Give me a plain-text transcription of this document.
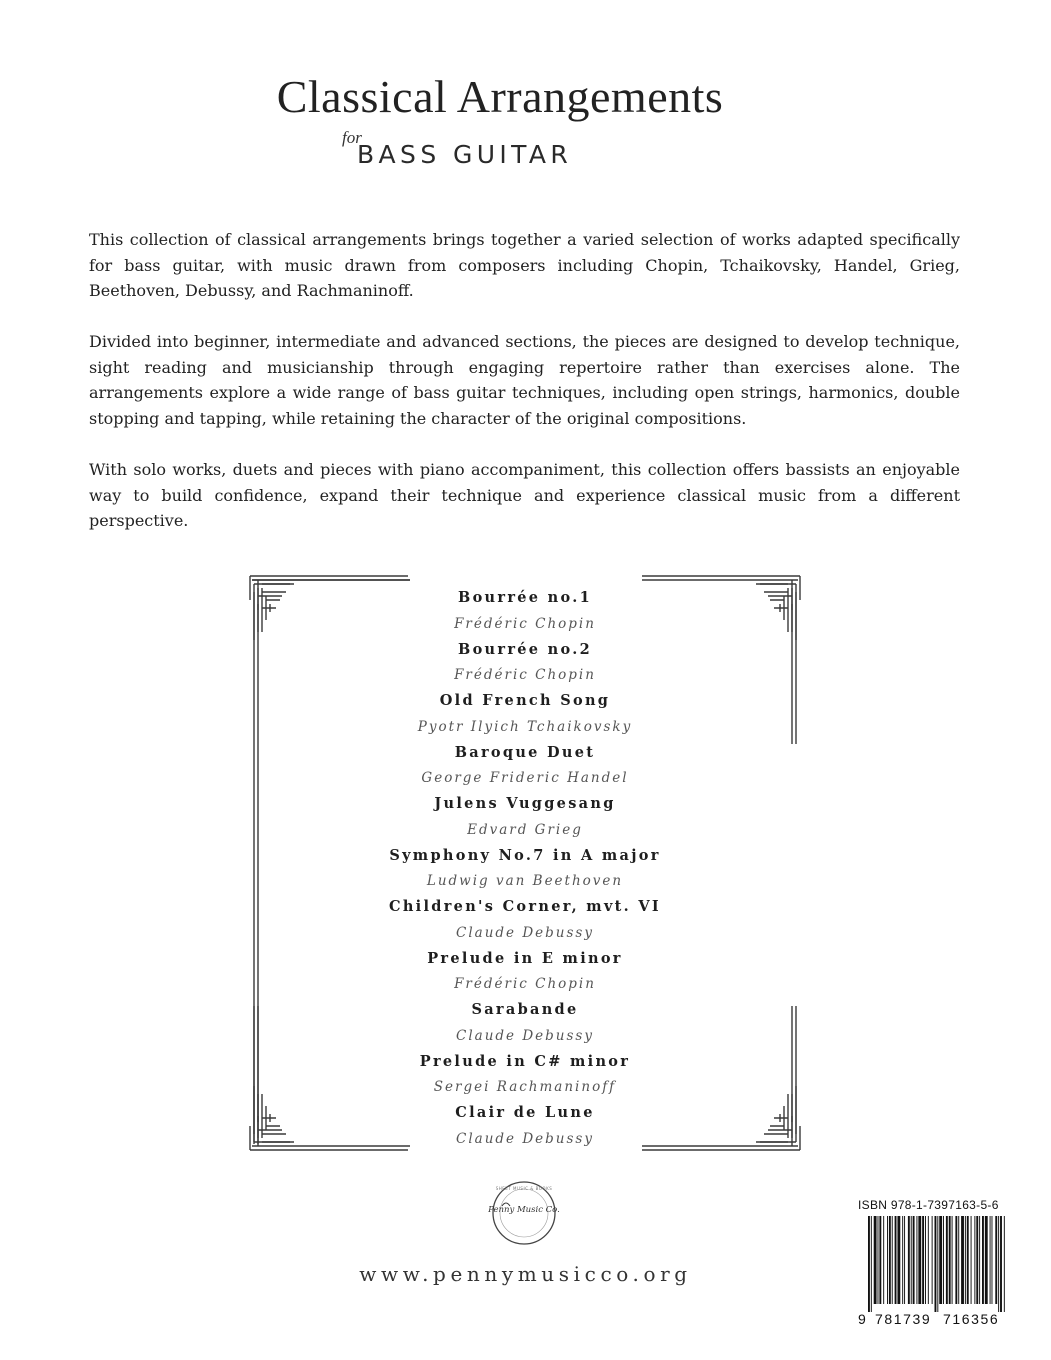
Classical Arrangements
for
BASS GUITAR

This collection of classical arrangements brings together a varied selection of works adapted specifically for bass guitar, with music drawn from composers including Chopin, Tchaikovsky, Handel, Grieg, Beethoven, Debussy, and Rachmaninoff.

Divided into beginner, intermediate and advanced sections, the pieces are designed to develop technique, sight reading and musicianship through engaging repertoire rather than exercises alone. The arrangements explore a wide range of bass guitar techniques, including open strings, harmonics, double stopping and tapping, while retaining the character of the original compositions.

With solo works, duets and pieces with piano accompaniment, this collection offers bassists an enjoyable way to build confidence, expand their technique and experience classical music from a different perspective.

Bourrée no.1
Frédéric Chopin
Bourrée no.2
Frédéric Chopin
Old French Song
Pyotr Ilyich Tchaikovsky
Baroque Duet
George Frideric Handel
Julens Vuggesang
Edvard Grieg
Symphony No.7 in A major
Ludwig van Beethoven
Children's Corner, mvt. VI
Claude Debussy
Prelude in E minor
Frédéric Chopin
Sarabande
Claude Debussy
Prelude in C# minor
Sergei Rachmaninoff
Clair de Lune
Claude Debussy
Penny Music Co.
SHEET MUSIC & BOOKS
www.pennymusicco.org
ISBN 978-1-7397163-5-6
9 781739 716356
